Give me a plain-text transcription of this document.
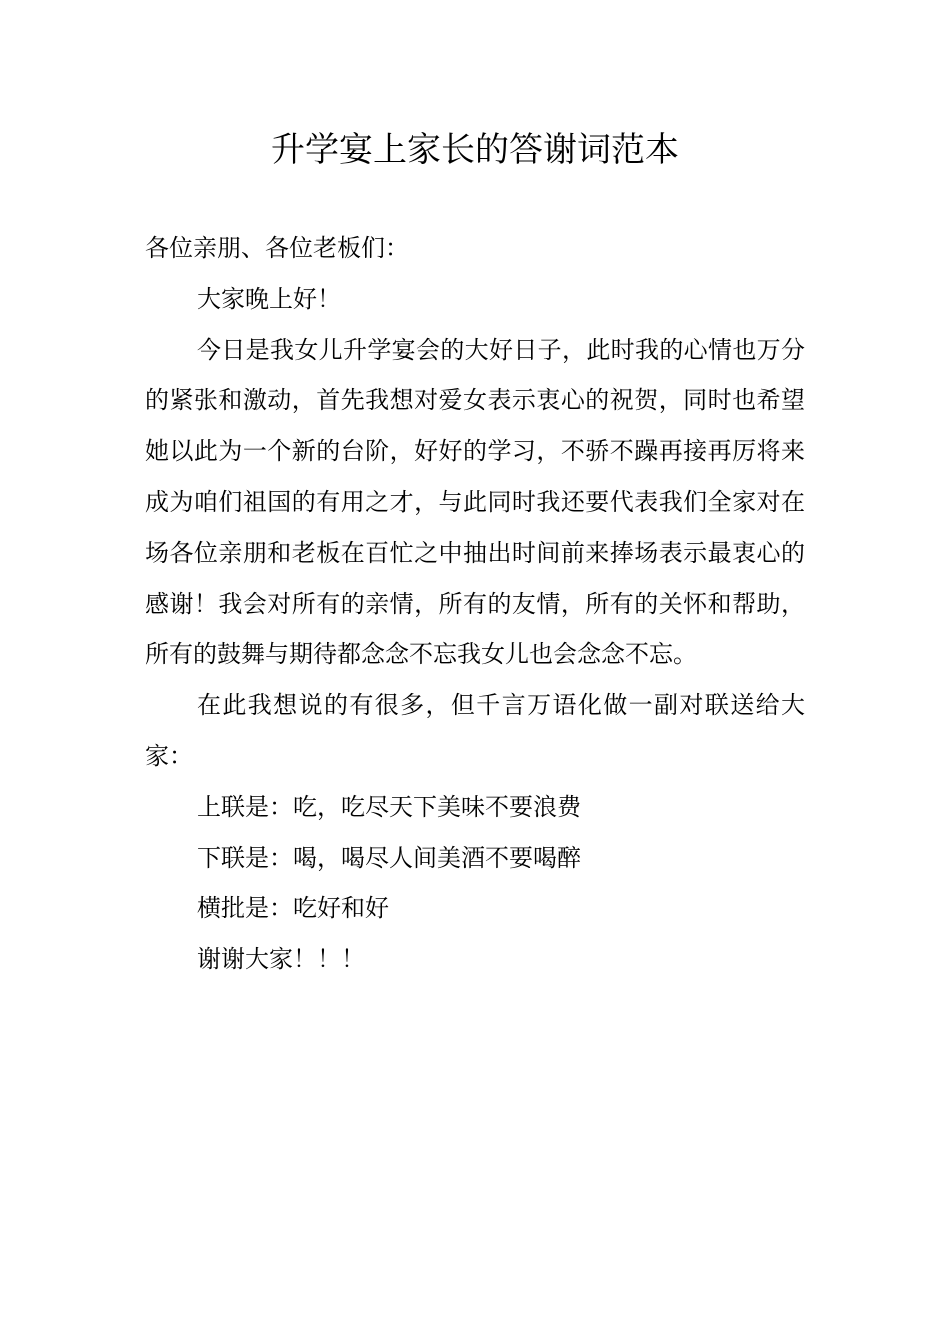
升学宴上家长的答谢词范本

各位亲朋、各位老板们：

大家晚上好！

今日是我女儿升学宴会的大好日子，此时我的心情也万分的紧张和激动，首先我想对爱女表示衷心的祝贺，同时也希望她以此为一个新的台阶，好好的学习，不骄不躁再接再厉将来成为咱们祖国的有用之才，与此同时我还要代表我们全家对在场各位亲朋和老板在百忙之中抽出时间前来捧场表示最衷心的感谢！我会对所有的亲情，所有的友情，所有的关怀和帮助，所有的鼓舞与期待都念念不忘我女儿也会念念不忘。

在此我想说的有很多，但千言万语化做一副对联送给大家：

上联是：吃，吃尽天下美味不要浪费

下联是：喝，喝尽人间美酒不要喝醉

横批是：吃好和好

谢谢大家！！！
